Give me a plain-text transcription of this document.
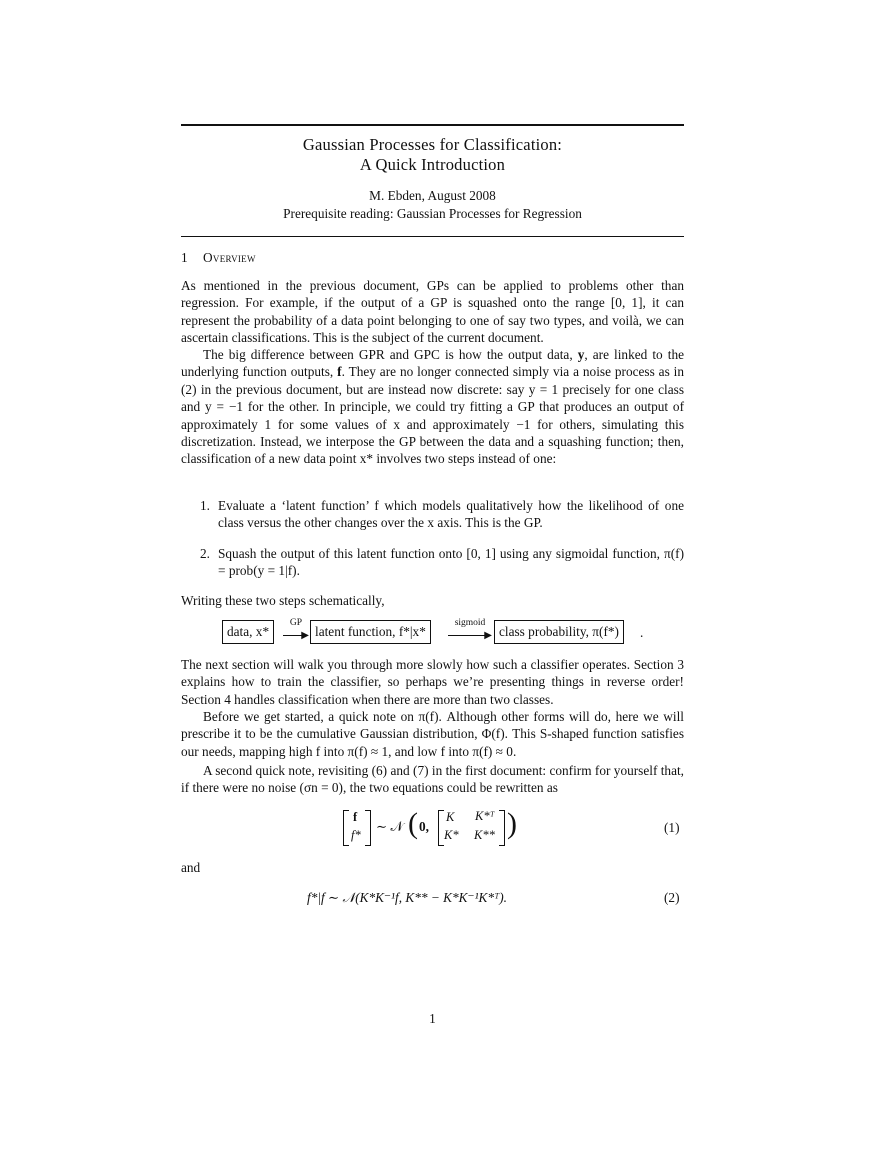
Gaussian Processes for Classification:
A Quick Introduction
M. Ebden, August 2008
Prerequisite reading: Gaussian Processes for Regression
1 Overview

As mentioned in the previous document, GPs can be applied to problems other than regression. For example, if the output of a GP is squashed onto the range [0, 1], it can represent the probability of a data point belonging to one of say two types, and voilà, we can ascertain classifications. This is the subject of the current document.

The big difference between GPR and GPC is how the output data, y, are linked to the underlying function outputs, f. They are no longer connected simply via a noise process as in (2) in the previous document, but are instead now discrete: say y = 1 precisely for one class and y = −1 for the other. In principle, we could try fitting a GP that produces an output of approximately 1 for some values of x and approximately −1 for others, simulating this discretization. Instead, we interpose the GP between the data and a squashing function; then, classification of a new data point x* involves two steps instead of one:

1. Evaluate a ‘latent function’ f which models qualitatively how the likelihood of one class versus the other changes over the x axis. This is the GP.
2. Squash the output of this latent function onto [0, 1] using any sigmoidal function, π(f) = prob(y = 1|f).

Writing these two steps schematically,

data, x*
GP
▶ latent function, f*|x*
sigmoid
▶ class probability, π(f*)	.

The next section will walk you through more slowly how such a classifier operates. Section 3 explains how to train the classifier, so perhaps we’re presenting things in reverse order! Section 4 handles classification when there are more than two classes.

Before we get started, a quick note on π(f). Although other forms will do, here we will prescribe it to be the cumulative Gaussian distribution, Φ(f). This S-shaped function satisfies our needs, mapping high f into π(f) ≈ 1, and low f into π(f) ≈ 0.

A second quick note, revisiting (6) and (7) in the first document: confirm for yourself that, if there were no noise (σn = 0), the two equations could be rewritten as

f
f*
∼ 𝒩 ( 0,
K K*ᵀ
K* K** )	(1)

and

f*|f ∼ 𝒩(K*K⁻¹f, K** − K*K⁻¹K*ᵀ).	(2)
1
